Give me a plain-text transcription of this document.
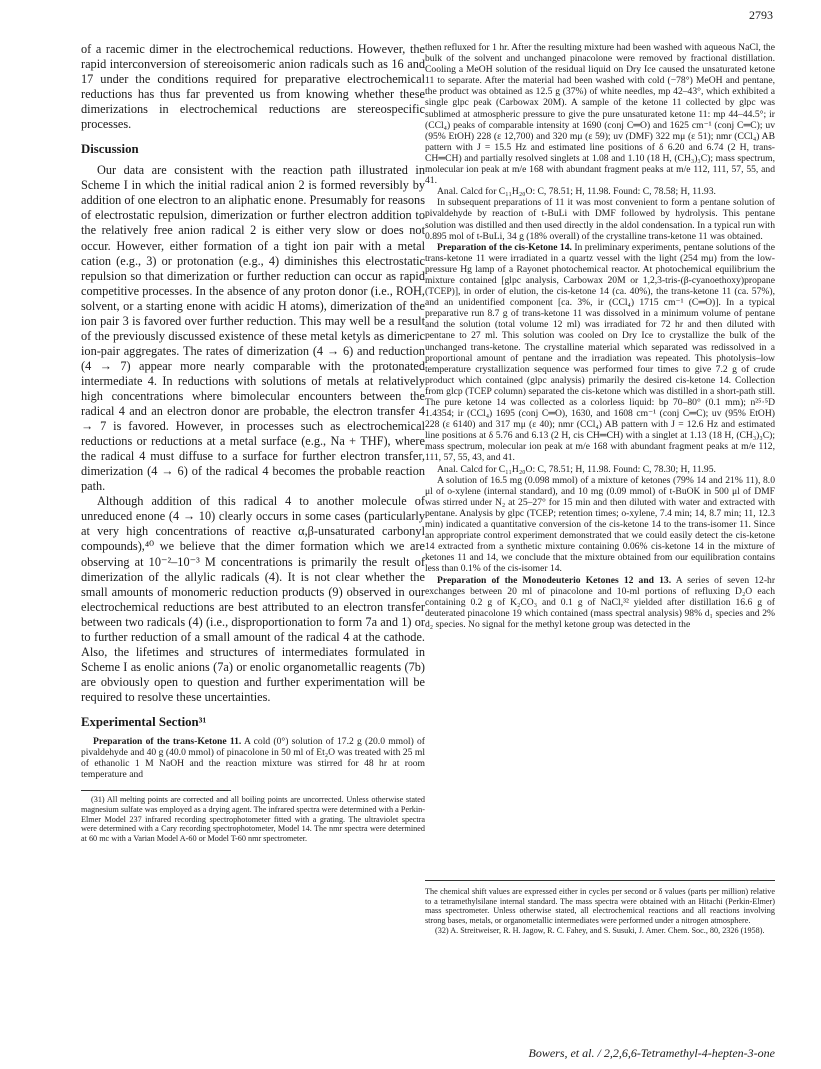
2793

of a racemic dimer in the electrochemical reductions. However, the rapid interconversion of stereoisomeric anion radicals such as 16 and 17 under the conditions required for preparative electrochemical reductions has thus far prevented us from knowing whether these dimerizations in electrochemical reductions are stereospecific processes.

Discussion

Our data are consistent with the reaction path illustrated in Scheme I in which the initial radical anion 2 is formed reversibly by addition of one electron to an aliphatic enone. Presumably for reasons of electrostatic repulsion, dimerization or further electron addition to the relatively free anion radical 2 is either very slow or does not occur. However, either formation of a tight ion pair with a metal cation (e.g., 3) or protonation (e.g., 4) diminishes this electrostatic repulsion so that dimerization or further reduction can occur as rapid competitive processes. In the absence of any proton donor (i.e., ROH, solvent, or a starting enone with acidic H atoms), dimerization of the ion pair 3 is favored over further reduction. This may well be a result of the previously discussed existence of these metal ketyls as dimeric ion-pair aggregates. The rates of dimerization (4 → 6) and reduction (4 → 7) appear more nearly comparable with the protonated intermediate 4. In reductions with solutions of metals at relatively high concentrations where bimolecular encounters between the radical 4 and an electron donor are probable, the electron transfer 4 → 7 is favored. However, in processes such as electrochemical reductions or reductions at a metal surface (e.g., Na + THF), where the radical 4 must diffuse to a surface for further electron transfer, dimerization (4 → 6) of the radical 4 becomes the probable reaction path.

Although addition of this radical 4 to another molecule of unreduced enone (4 → 10) clearly occurs in some cases (particularly at very high concentrations of reactive α,β-unsaturated carbonyl compounds),⁴⁰ we believe that the dimer formation which we are observing at 10⁻²–10⁻³ M concentrations is primarily the result of dimerization of the allylic radicals (4). It is not clear whether the small amounts of monomeric reduction products (9) observed in our electrochemical reductions are best attributed to an electron transfer between two radicals (4) (i.e., disproportionation to form 7a and 1) or to further reduction of a small amount of the radical 4 at the cathode. Also, the lifetimes and structures of intermediates formulated in Scheme I as enolic anions (7a) or enolic organometallic reagents (7b) are obviously open to question and further experimentation will be required to resolve these uncertainties.

Experimental Section³¹

Preparation of the trans-Ketone 11. A cold (0°) solution of 17.2 g (20.0 mmol) of pivaldehyde and 40 g (40.0 mmol) of pinacolone in 50 ml of Et₂O was treated with 25 ml of ethanolic 1 M NaOH and the reaction mixture was stirred for 48 hr at room temperature and

(31) All melting points are corrected and all boiling points are uncorrected. Unless otherwise stated magnesium sulfate was employed as a drying agent. The infrared spectra were determined with a Perkin-Elmer Model 237 infrared recording spectrophotometer fitted with a grating. The ultraviolet spectra were determined with a Cary recording spectrophotometer, Model 14. The nmr spectra were determined at 60 mc with a Varian Model A-60 or Model T-60 nmr spectrometer.

then refluxed for 1 hr. After the resulting mixture had been washed with aqueous NaCl, the bulk of the solvent and unchanged pinacolone were removed by fractional distillation. Cooling a MeOH solution of the residual liquid on Dry Ice caused the unsaturated ketone 11 to separate. After the material had been washed with cold (−78°) MeOH and pentane, the product was obtained as 12.5 g (37%) of white needles, mp 42–43°, which exhibited a single glpc peak (Carbowax 20M). A sample of the ketone 11 collected by glpc was sublimed at atmospheric pressure to give the pure unsaturated ketone 11: mp 44–44.5°; ir (CCl₄) peaks of comparable intensity at 1690 (conj C═O) and 1625 cm⁻¹ (conj C═C); uv (95% EtOH) 228 (ε 12,700) and 320 mμ (ε 59); uv (DMF) 322 mμ (ε 51); nmr (CCl₄) AB pattern with J = 15.5 Hz and estimated line positions of δ 6.20 and 6.74 (2 H, trans-CH═CH) and partially resolved singlets at 1.08 and 1.10 (18 H, (CH₃)₃C); mass spectrum, molecular ion peak at m/e 168 with abundant fragment peaks at m/e 112, 111, 57, 55, and 41.

Anal. Calcd for C₁₁H₂₀O: C, 78.51; H, 11.98. Found: C, 78.58; H, 11.93.

In subsequent preparations of 11 it was most convenient to form a pentane solution of pivaldehyde by reaction of t-BuLi with DMF followed by hydrolysis. This pentane solution was distilled and then used directly in the aldol condensation. In a typical run with 0.895 mol of t-BuLi, 34 g (18% overall) of the crystalline trans-ketone 11 was obtained.

Preparation of the cis-Ketone 14. In preliminary experiments, pentane solutions of the trans-ketone 11 were irradiated in a quartz vessel with the light (254 mμ) from the low-pressure Hg lamp of a Rayonet photochemical reactor. At photochemical equilibrium the mixture contained [glpc analysis, Carbowax 20M or 1,2,3-tris-(β-cyanoethoxy)propane (TCEP)], in order of elution, the cis-ketone 14 (ca. 40%), the trans-ketone 11 (ca. 57%), and an unidentified component [ca. 3%, ir (CCl₄) 1715 cm⁻¹ (C═O)]. In a typical preparative run 8.7 g of trans-ketone 11 was dissolved in a minimum volume of pentane and the solution (total volume 12 ml) was irradiated for 72 hr and then diluted with pentane to 27 ml. This solution was cooled on Dry Ice to crystallize the bulk of the unchanged trans-ketone. The crystalline material which separated was redissolved in a proportional amount of pentane and the irradiation was repeated. This photolysis–low temperature crystallization sequence was performed four times to give 7.2 g of crude product which contained (glpc analysis) primarily the desired cis-ketone 14. Collection from glcp (TCEP column) separated the cis-ketone which was distilled in a short-path still. The pure ketone 14 was collected as a colorless liquid: bp 70–80° (0.1 mm); n²⁵·⁵D 1.4354; ir (CCl₄) 1695 (conj C═O), 1630, and 1608 cm⁻¹ (conj C═C); uv (95% EtOH) 228 (ε 6140) and 317 mμ (ε 40); nmr (CCl₄) AB pattern with J = 12.6 Hz and estimated line positions at δ 5.76 and 6.13 (2 H, cis CH═CH) with a singlet at 1.13 (18 H, (CH₃)₃C); mass spectrum, molecular ion peak at m/e 168 with abundant fragment peaks at m/e 112, 111, 57, 55, 43, and 41.

Anal. Calcd for C₁₁H₂₀O: C, 78.51; H, 11.98. Found: C, 78.30; H, 11.95.

A solution of 16.5 mg (0.098 mmol) of a mixture of ketones (79% 14 and 21% 11), 8.0 μl of o-xylene (internal standard), and 10 mg (0.09 mmol) of t-BuOK in 500 μl of DMF was stirred under N₂ at 25–27° for 15 min and then diluted with water and extracted with pentane. Analysis by glpc (TCEP; retention times; o-xylene, 7.4 min; 14, 8.7 min; 11, 12.3 min) indicated a quantitative conversion of the cis-ketone 14 to the trans-isomer 11. Since an appropriate control experiment demonstrated that we could easily detect the cis-ketone 14 extracted from a synthetic mixture containing 0.06% cis-ketone 14 in the mixture of ketones 11 and 14, we conclude that the mixture obtained from our equilibration contains less than 0.1% of the cis-isomer 14.

Preparation of the Monodeuterio Ketones 12 and 13. A series of seven 12-hr exchanges between 20 ml of pinacolone and 10-ml portions of refluxing D₂O each containing 0.2 g of K₂CO₃ and 0.1 g of NaCl,³² yielded after distillation 16.6 g of deuterated pinacolone 19 which contained (mass spectral analysis) 98% d₁ species and 2% d₂ species. No signal for the methyl ketone group was detected in the

The chemical shift values are expressed either in cycles per second or δ values (parts per million) relative to a tetramethylsilane internal standard. The mass spectra were obtained with an Hitachi (Perkin-Elmer) mass spectrometer. Unless otherwise stated, all electrochemical reactions and all reactions involving strong bases, metals, or organometallic intermediates were performed under a nitrogen atmosphere.

(32) A. Streitweiser, R. H. Jagow, R. C. Fahey, and S. Susuki, J. Amer. Chem. Soc., 80, 2326 (1958).

Bowers, et al. / 2,2,6,6-Tetramethyl-4-hepten-3-one
